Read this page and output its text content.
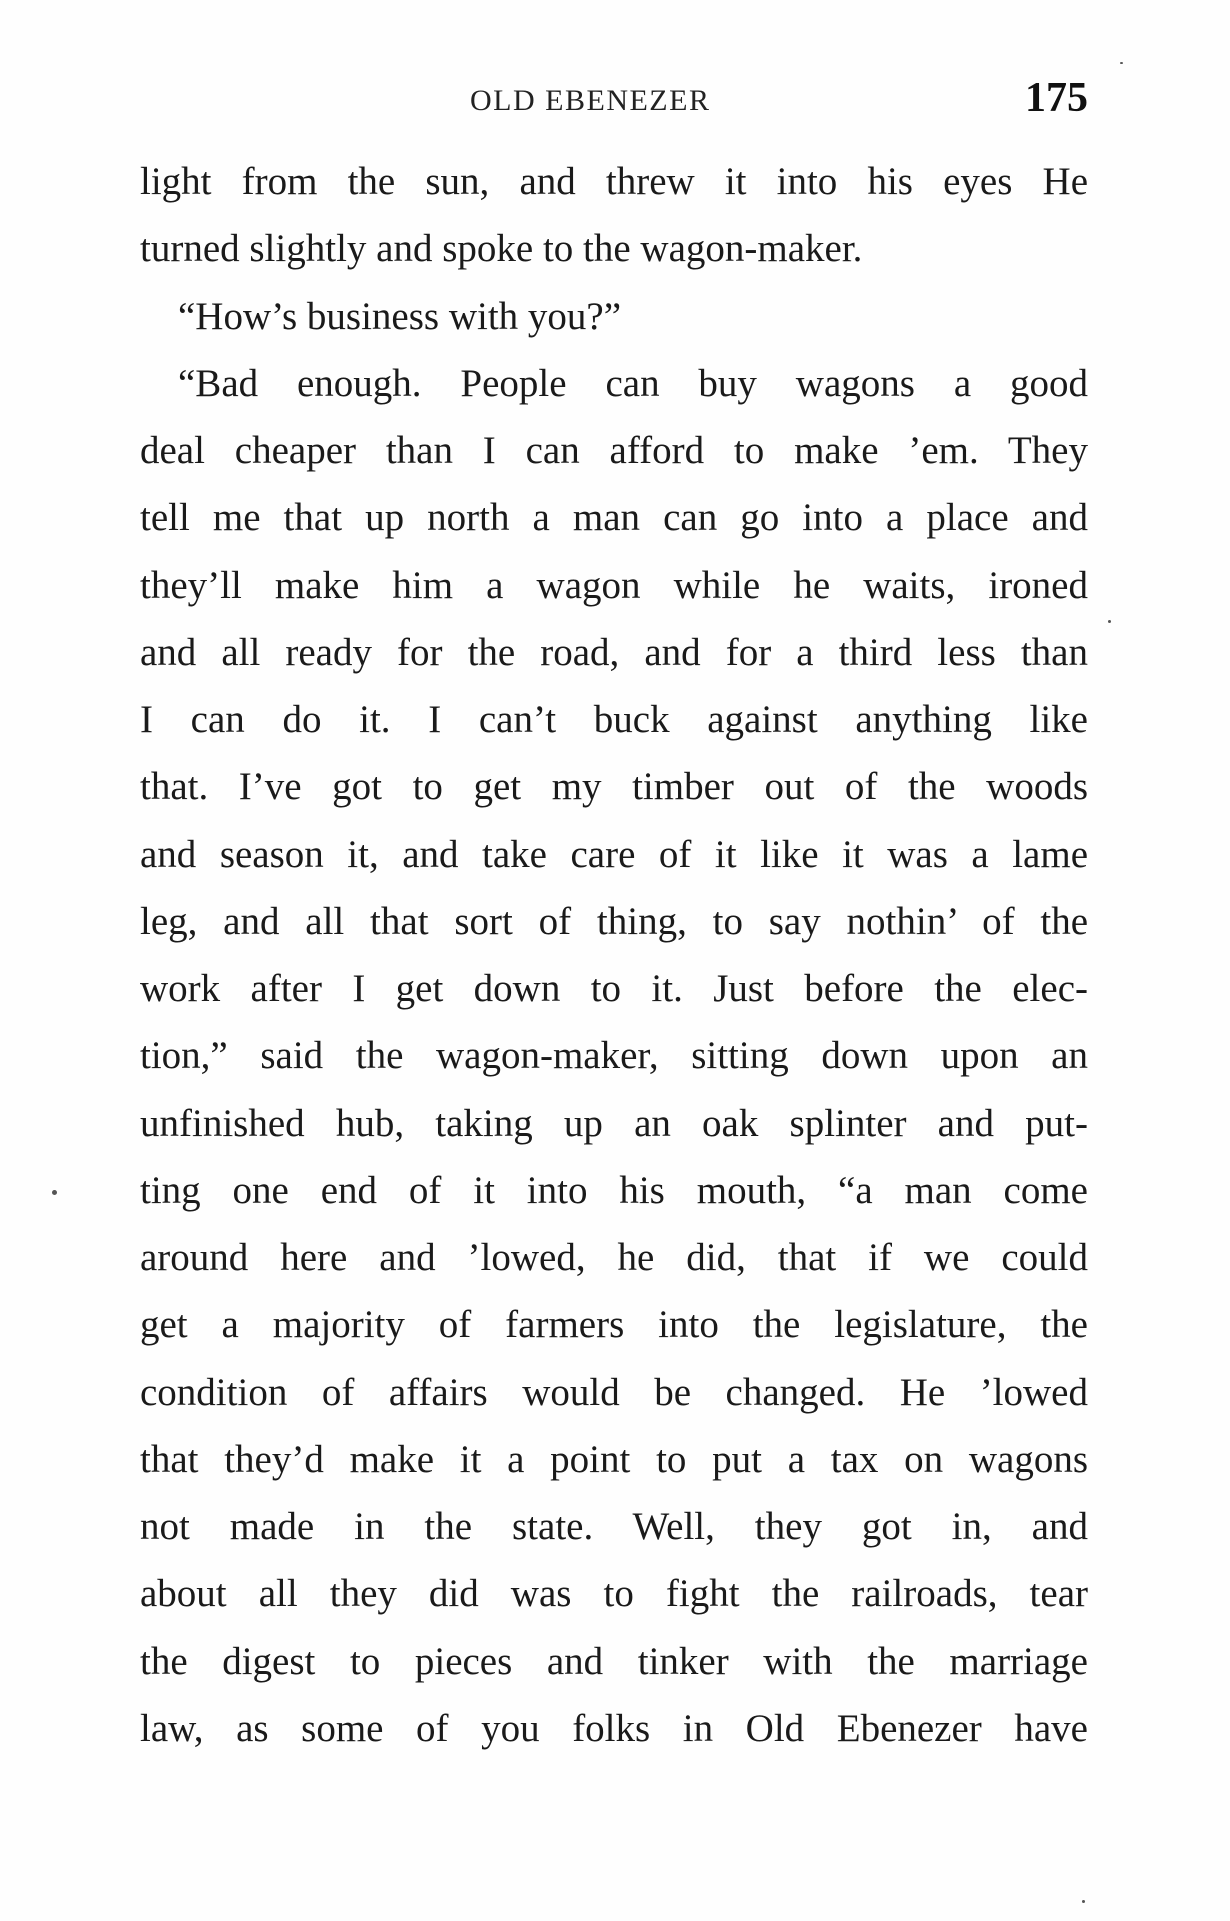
OLD EBENEZER	175
light from the sun, and threw it into his eyes He
turned slightly and spoke to the wagon-maker.
“How’s business with you?”
“Bad enough. People can buy wagons a good
deal cheaper than I can afford to make ’em. They
tell me that up north a man can go into a place and
they’ll make him a wagon while he waits, ironed
and all ready for the road, and for a third less than
I can do it. I can’t buck against anything like
that. I’ve got to get my timber out of the woods
and season it, and take care of it like it was a lame
leg, and all that sort of thing, to say nothin’ of the
work after I get down to it. Just before the elec-
tion,” said the wagon-maker, sitting down upon an
unfinished hub, taking up an oak splinter and put-
ting one end of it into his mouth, “a man come
around here and ’lowed, he did, that if we could
get a majority of farmers into the legislature, the
condition of affairs would be changed. He ’lowed
that they’d make it a point to put a tax on wagons
not made in the state. Well, they got in, and
about all they did was to fight the railroads, tear
the digest to pieces and tinker with the marriage
law, as some of you folks in Old Ebenezer have
